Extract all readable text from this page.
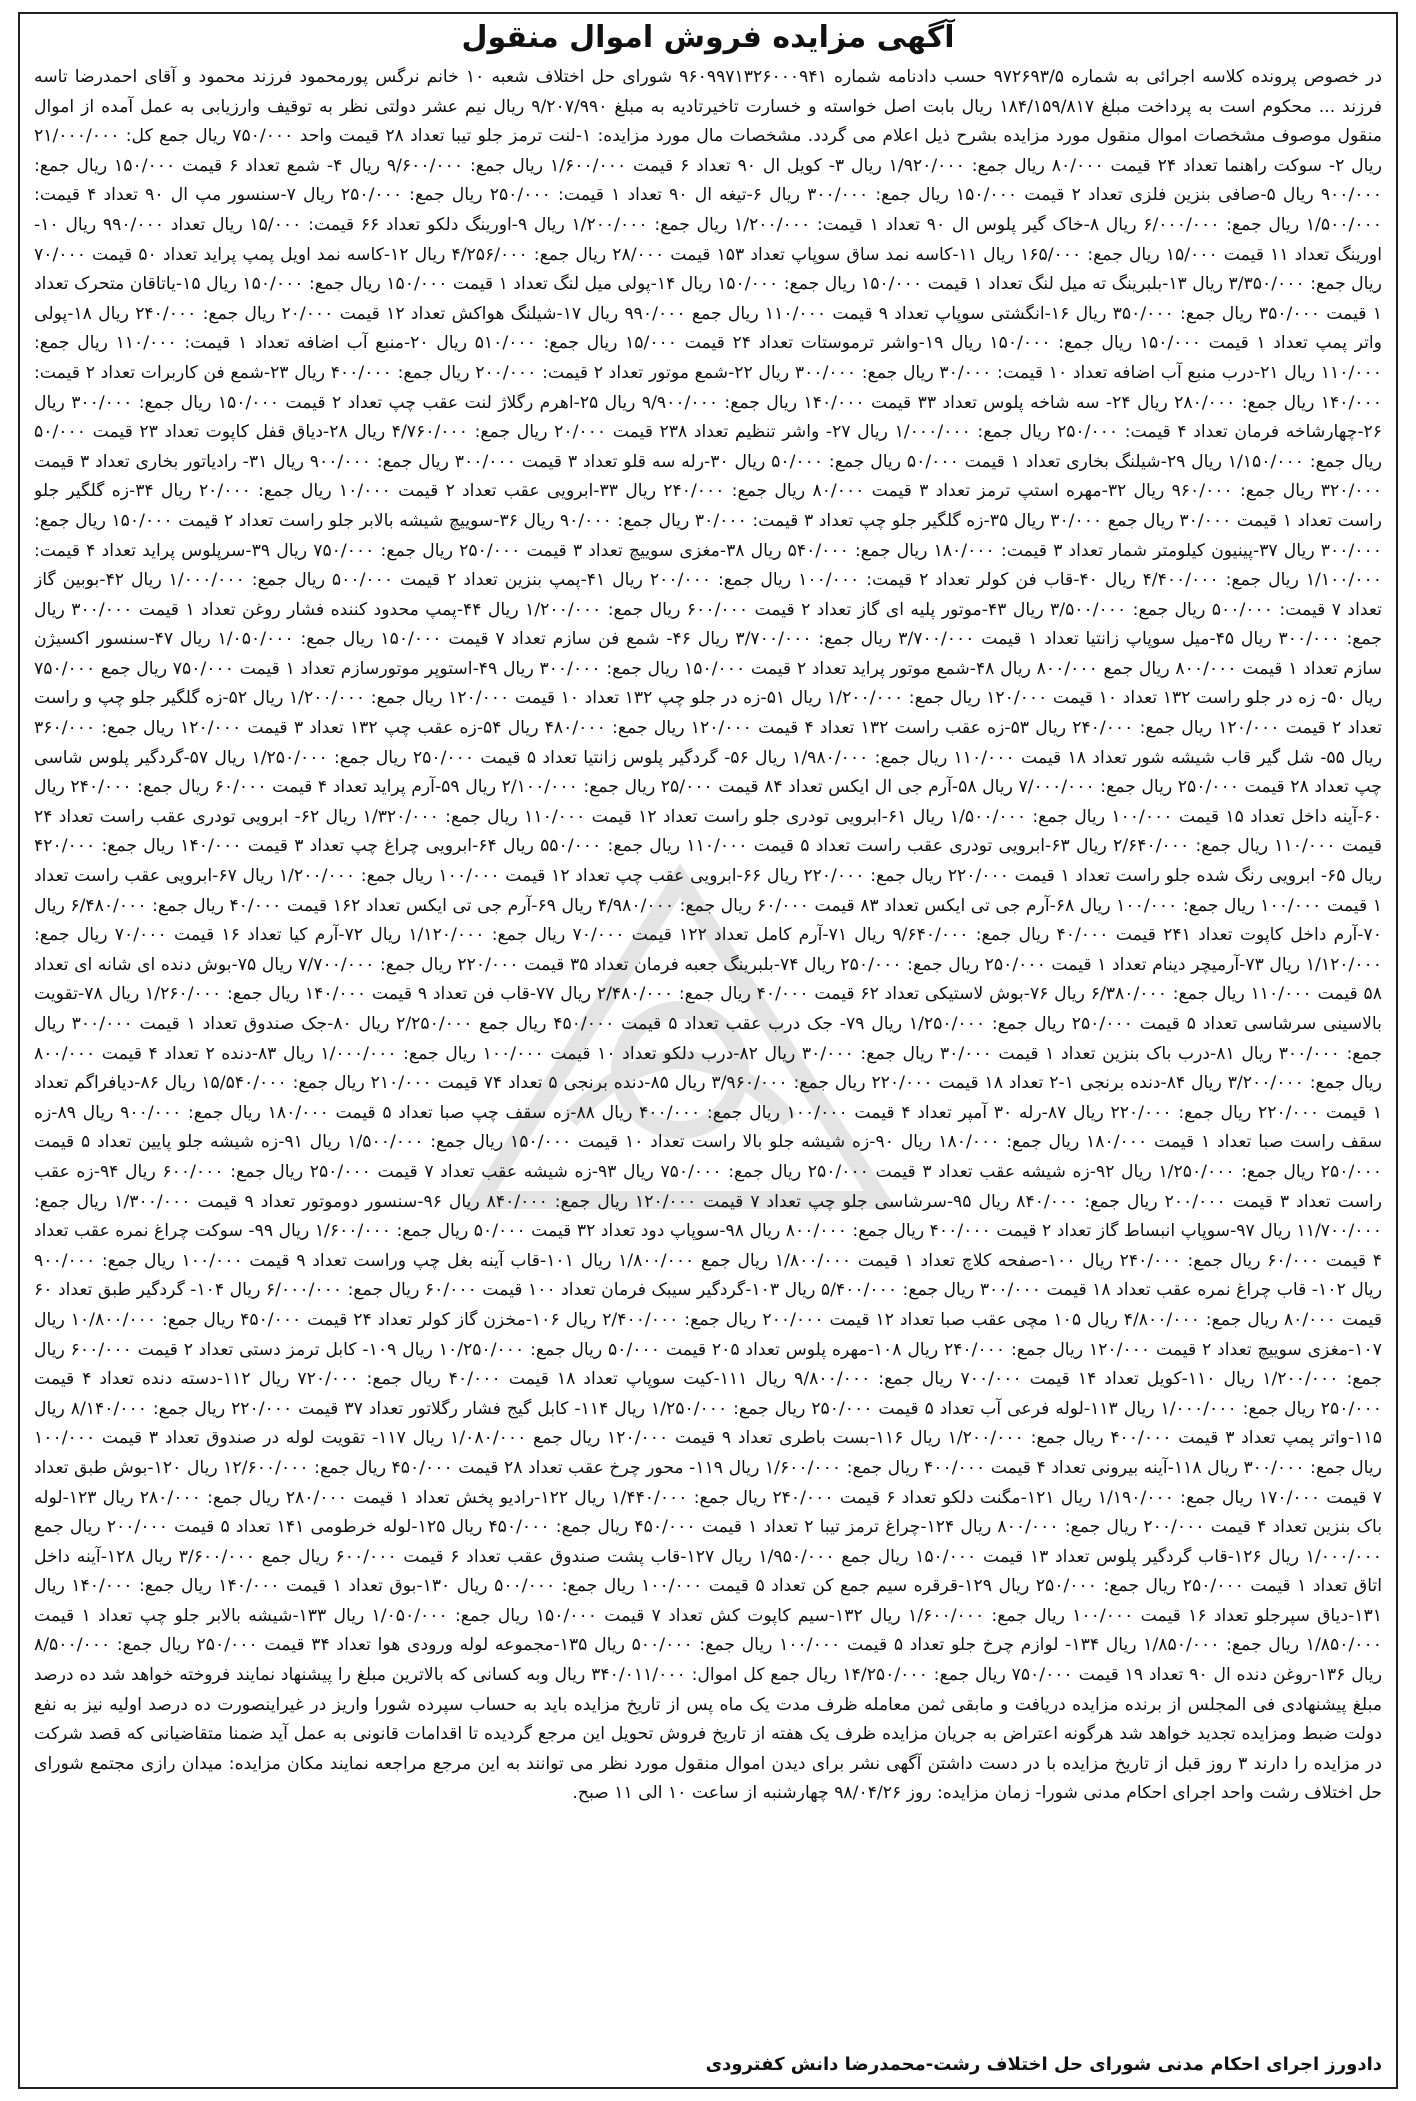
آگهی مزایده فروش اموال منقول

در خصوص پرونده کلاسه اجرائی به شماره ۹۷۲۶۹۳/۵ حسب دادنامه شماره ۹۶۰۹۹۷۱۳۲۶۰۰۰۹۴۱ شورای حل اختلاف شعبه ۱۰ خانم نرگس پورمحمود فرزند محمود و آقای احمدرضا تاسه فرزند ... محکوم است به پرداخت مبلغ ۱۸۴/۱۵۹/۸۱۷ ریال بابت اصل خواسته و خسارت تاخیرتادیه به مبلغ ۹/۲۰۷/۹۹۰ ریال نیم عشر دولتی نظر به توقیف وارزیابی به عمل آمده از اموال منقول موصوف مشخصات اموال منقول مورد مزایده بشرح ذیل اعلام می گردد. مشخصات مال مورد مزایده: ۱-لنت ترمز جلو تیبا تعداد ۲۸ قیمت واحد ۷۵۰/۰۰۰ ریال جمع کل: ۲۱/۰۰۰/۰۰۰ ریال ۲- سوکت راهنما تعداد ۲۴ قیمت ۸۰/۰۰۰ ریال جمع: ۱/۹۲۰/۰۰۰ ریال ۳- کویل ال ۹۰ تعداد ۶ قیمت ۱/۶۰۰/۰۰۰ ریال جمع: ۹/۶۰۰/۰۰۰ ریال ۴- شمع تعداد ۶ قیمت ۱۵۰/۰۰۰ ریال جمع: ۹۰۰/۰۰۰ ریال ۵-صافی بنزین فلزی تعداد ۲ قیمت ۱۵۰/۰۰۰ ریال جمع: ۳۰۰/۰۰۰ ریال ۶-تیغه ال ۹۰ تعداد ۱ قیمت: ۲۵۰/۰۰۰ ریال جمع: ۲۵۰/۰۰۰ ریال ۷-سنسور مپ ال ۹۰ تعداد ۴ قیمت: ۱/۵۰۰/۰۰۰ ریال جمع: ۶/۰۰۰/۰۰۰ ریال ۸-خاک گیر پلوس ال ۹۰ تعداد ۱ قیمت: ۱/۲۰۰/۰۰۰ ریال جمع: ۱/۲۰۰/۰۰۰ ریال ۹-اورینگ دلکو تعداد ۶۶ قیمت: ۱۵/۰۰۰ ریال تعداد ۹۹۰/۰۰۰ ریال ۱۰-اورینگ تعداد ۱۱ قیمت ۱۵/۰۰۰ ریال جمع: ۱۶۵/۰۰۰ ریال ۱۱-کاسه نمد ساق سوپاپ تعداد ۱۵۳ قیمت ۲۸/۰۰۰ ریال جمع: ۴/۲۵۶/۰۰۰ ریال ۱۲-کاسه نمد اویل پمپ پراید تعداد ۵۰ قیمت ۷۰/۰۰۰ ریال جمع: ۳/۳۵۰/۰۰۰ ریال ۱۳-بلبرینگ ته میل لنگ تعداد ۱ قیمت ۱۵۰/۰۰۰ ریال جمع: ۱۵۰/۰۰۰ ریال ۱۴-پولی میل لنگ تعداد ۱ قیمت ۱۵۰/۰۰۰ ریال جمع: ۱۵۰/۰۰۰ ریال ۱۵-یاتاقان متحرک تعداد ۱ قیمت ۳۵۰/۰۰۰ ریال جمع: ۳۵۰/۰۰۰ ریال ۱۶-انگشتی سوپاپ تعداد ۹ قیمت ۱۱۰/۰۰۰ ریال جمع ۹۹۰/۰۰۰ ریال ۱۷-شیلنگ هواکش تعداد ۱۲ قیمت ۲۰/۰۰۰ ریال جمع: ۲۴۰/۰۰۰ ریال ۱۸-پولی واتر پمپ تعداد ۱ قیمت ۱۵۰/۰۰۰ ریال جمع: ۱۵۰/۰۰۰ ریال ۱۹-واشر ترموستات تعداد ۲۴ قیمت ۱۵/۰۰۰ ریال جمع: ۵۱۰/۰۰۰ ریال ۲۰-منبع آب اضافه تعداد ۱ قیمت: ۱۱۰/۰۰۰ ریال جمع: ۱۱۰/۰۰۰ ریال ۲۱-درب منبع آب اضافه تعداد ۱۰ قیمت: ۳۰/۰۰۰ ریال جمع: ۳۰۰/۰۰۰ ریال ۲۲-شمع موتور تعداد ۲ قیمت: ۲۰۰/۰۰۰ ریال جمع: ۴۰۰/۰۰۰ ریال ۲۳-شمع فن کاربرات تعداد ۲ قیمت: ۱۴۰/۰۰۰ ریال جمع: ۲۸۰/۰۰۰ ریال ۲۴- سه شاخه پلوس تعداد ۳۳ قیمت ۱۴۰/۰۰۰ ریال جمع: ۹/۹۰۰/۰۰۰ ریال ۲۵-اهرم رگلاژ لنت عقب چپ تعداد ۲ قیمت ۱۵۰/۰۰۰ ریال جمع: ۳۰۰/۰۰۰ ریال ۲۶-چهارشاخه فرمان تعداد ۴ قیمت: ۲۵۰/۰۰۰ ریال جمع: ۱/۰۰۰/۰۰۰ ریال ۲۷- واشر تنظیم تعداد ۲۳۸ قیمت ۲۰/۰۰۰ ریال جمع: ۴/۷۶۰/۰۰۰ ریال ۲۸-دیاق قفل کاپوت تعداد ۲۳ قیمت ۵۰/۰۰۰ ریال جمع: ۱/۱۵۰/۰۰۰ ریال ۲۹-شیلنگ بخاری تعداد ۱ قیمت ۵۰/۰۰۰ ریال جمع: ۵۰/۰۰۰ ریال ۳۰-رله سه قلو تعداد ۳ قیمت ۳۰۰/۰۰۰ ریال جمع: ۹۰۰/۰۰۰ ریال ۳۱- رادیاتور بخاری تعداد ۳ قیمت ۳۲۰/۰۰۰ ریال جمع: ۹۶۰/۰۰۰ ریال ۳۲-مهره استپ ترمز تعداد ۳ قیمت ۸۰/۰۰۰ ریال جمع: ۲۴۰/۰۰۰ ریال ۳۳-ابرویی عقب تعداد ۲ قیمت ۱۰/۰۰۰ ریال جمع: ۲۰/۰۰۰ ریال ۳۴-زه گلگیر جلو راست تعداد ۱ قیمت ۳۰/۰۰۰ ریال جمع ۳۰/۰۰۰ ریال ۳۵-زه گلگیر جلو چپ تعداد ۳ قیمت: ۳۰/۰۰۰ ریال جمع: ۹۰/۰۰۰ ریال ۳۶-سوییچ شیشه بالابر جلو راست تعداد ۲ قیمت ۱۵۰/۰۰۰ ریال جمع: ۳۰۰/۰۰۰ ریال ۳۷-پینیون کیلومتر شمار تعداد ۳ قیمت: ۱۸۰/۰۰۰ ریال جمع: ۵۴۰/۰۰۰ ریال ۳۸-مغزی سوییچ تعداد ۳ قیمت ۲۵۰/۰۰۰ ریال جمع: ۷۵۰/۰۰۰ ریال ۳۹-سرپلوس پراید تعداد ۴ قیمت: ۱/۱۰۰/۰۰۰ ریال جمع: ۴/۴۰۰/۰۰۰ ریال ۴۰-قاب فن کولر تعداد ۲ قیمت: ۱۰۰/۰۰۰ ریال جمع: ۲۰۰/۰۰۰ ریال ۴۱-پمپ بنزین تعداد ۲ قیمت ۵۰۰/۰۰۰ ریال جمع: ۱/۰۰۰/۰۰۰ ریال ۴۲-بوبین گاز تعداد ۷ قیمت: ۵۰۰/۰۰۰ ریال جمع: ۳/۵۰۰/۰۰۰ ریال ۴۳-موتور پلیه ای گاز تعداد ۲ قیمت ۶۰۰/۰۰۰ ریال جمع: ۱/۲۰۰/۰۰۰ ریال ۴۴-پمپ محدود کننده فشار روغن تعداد ۱ قیمت ۳۰۰/۰۰۰ ریال جمع: ۳۰۰/۰۰۰ ریال ۴۵-میل سوپاپ زانتیا تعداد ۱ قیمت ۳/۷۰۰/۰۰۰ ریال جمع: ۳/۷۰۰/۰۰۰ ریال ۴۶- شمع فن سازم تعداد ۷ قیمت ۱۵۰/۰۰۰ ریال جمع: ۱/۰۵۰/۰۰۰ ریال ۴۷-سنسور اکسیژن سازم تعداد ۱ قیمت ۸۰۰/۰۰۰ ریال جمع ۸۰۰/۰۰۰ ریال ۴۸-شمع موتور پراید تعداد ۲ قیمت ۱۵۰/۰۰۰ ریال جمع: ۳۰۰/۰۰۰ ریال ۴۹-استوپر موتورسازم تعداد ۱ قیمت ۷۵۰/۰۰۰ ریال جمع ۷۵۰/۰۰۰ ریال ۵۰- زه در جلو راست ۱۳۲ تعداد ۱۰ قیمت ۱۲۰/۰۰۰ ریال جمع: ۱/۲۰۰/۰۰۰ ریال ۵۱-زه در جلو چپ ۱۳۲ تعداد ۱۰ قیمت ۱۲۰/۰۰۰ ریال جمع: ۱/۲۰۰/۰۰۰ ریال ۵۲-زه گلگیر جلو چپ و راست تعداد ۲ قیمت ۱۲۰/۰۰۰ ریال جمع: ۲۴۰/۰۰۰ ریال ۵۳-زه عقب راست ۱۳۲ تعداد ۴ قیمت ۱۲۰/۰۰۰ ریال جمع: ۴۸۰/۰۰۰ ریال ۵۴-زه عقب چپ ۱۳۲ تعداد ۳ قیمت ۱۲۰/۰۰۰ ریال جمع: ۳۶۰/۰۰۰ ریال ۵۵- شل گیر قاب شیشه شور تعداد ۱۸ قیمت ۱۱۰/۰۰۰ ریال جمع: ۱/۹۸۰/۰۰۰ ریال ۵۶- گردگیر پلوس زانتیا تعداد ۵ قیمت ۲۵۰/۰۰۰ ریال جمع: ۱/۲۵۰/۰۰۰ ریال ۵۷-گردگیر پلوس شاسی چپ تعداد ۲۸ قیمت ۲۵۰/۰۰۰ ریال جمع: ۷/۰۰۰/۰۰۰ ریال ۵۸-آرم جی ال ایکس تعداد ۸۴ قیمت ۲۵/۰۰۰ ریال جمع: ۲/۱۰۰/۰۰۰ ریال ۵۹-آرم پراید تعداد ۴ قیمت ۶۰/۰۰۰ ریال جمع: ۲۴۰/۰۰۰ ریال ۶۰-آینه داخل تعداد ۱۵ قیمت ۱۰۰/۰۰۰ ریال جمع: ۱/۵۰۰/۰۰۰ ریال ۶۱-ابرویی تودری جلو راست تعداد ۱۲ قیمت ۱۱۰/۰۰۰ ریال جمع: ۱/۳۲۰/۰۰۰ ریال ۶۲- ابرویی تودری عقب راست تعداد ۲۴ قیمت ۱۱۰/۰۰۰ ریال جمع: ۲/۶۴۰/۰۰۰ ریال ۶۳-ابرویی تودری عقب راست تعداد ۵ قیمت ۱۱۰/۰۰۰ ریال جمع: ۵۵۰/۰۰۰ ریال ۶۴-ابرویی چراغ چپ تعداد ۳ قیمت ۱۴۰/۰۰۰ ریال جمع: ۴۲۰/۰۰۰ ریال ۶۵- ابرویی رنگ شده جلو راست تعداد ۱ قیمت ۲۲۰/۰۰۰ ریال جمع: ۲۲۰/۰۰۰ ریال ۶۶-ابرویی عقب چپ تعداد ۱۲ قیمت ۱۰۰/۰۰۰ ریال جمع: ۱/۲۰۰/۰۰۰ ریال ۶۷-ابرویی عقب راست تعداد ۱ قیمت ۱۰۰/۰۰۰ ریال جمع: ۱۰۰/۰۰۰ ریال ۶۸-آرم جی تی ایکس تعداد ۸۳ قیمت ۶۰/۰۰۰ ریال جمع: ۴/۹۸۰/۰۰۰ ریال ۶۹-آرم جی تی ایکس تعداد ۱۶۲ قیمت ۴۰/۰۰۰ ریال جمع: ۶/۴۸۰/۰۰۰ ریال ۷۰-آرم داخل کاپوت تعداد ۲۴۱ قیمت ۴۰/۰۰۰ ریال جمع: ۹/۶۴۰/۰۰۰ ریال ۷۱-آرم کامل تعداد ۱۲۲ قیمت ۷۰/۰۰۰ ریال جمع: ۱/۱۲۰/۰۰۰ ریال ۷۲-آرم کیا تعداد ۱۶ قیمت ۷۰/۰۰۰ ریال جمع: ۱/۱۲۰/۰۰۰ ریال ۷۳-آرمیچر دینام تعداد ۱ قیمت ۲۵۰/۰۰۰ ریال جمع: ۲۵۰/۰۰۰ ریال ۷۴-بلبرینگ جعبه فرمان تعداد ۳۵ قیمت ۲۲۰/۰۰۰ ریال جمع: ۷/۷۰۰/۰۰۰ ریال ۷۵-بوش دنده ای شانه ای تعداد ۵۸ قیمت ۱۱۰/۰۰۰ ریال جمع: ۶/۳۸۰/۰۰۰ ریال ۷۶-بوش لاستیکی تعداد ۶۲ قیمت ۴۰/۰۰۰ ریال جمع: ۲/۴۸۰/۰۰۰ ریال ۷۷-قاب فن تعداد ۹ قیمت ۱۴۰/۰۰۰ ریال جمع: ۱/۲۶۰/۰۰۰ ریال ۷۸-تقویت بالاسینی سرشاسی تعداد ۵ قیمت ۲۵۰/۰۰۰ ریال جمع: ۱/۲۵۰/۰۰۰ ریال ۷۹- جک درب عقب تعداد ۵ قیمت ۴۵۰/۰۰۰ ریال جمع ۲/۲۵۰/۰۰۰ ریال ۸۰-جک صندوق تعداد ۱ قیمت ۳۰۰/۰۰۰ ریال جمع: ۳۰۰/۰۰۰ ریال ۸۱-درب باک بنزین تعداد ۱ قیمت ۳۰/۰۰۰ ریال جمع: ۳۰/۰۰۰ ریال ۸۲-درب دلکو تعداد ۱۰ قیمت ۱۰۰/۰۰۰ ریال جمع: ۱/۰۰۰/۰۰۰ ریال ۸۳-دنده ۲ تعداد ۴ قیمت ۸۰۰/۰۰۰ ریال جمع: ۳/۲۰۰/۰۰۰ ریال ۸۴-دنده برنجی ۱-۲ تعداد ۱۸ قیمت ۲۲۰/۰۰۰ ریال جمع: ۳/۹۶۰/۰۰۰ ریال ۸۵-دنده برنجی ۵ تعداد ۷۴ قیمت ۲۱۰/۰۰۰ ریال جمع: ۱۵/۵۴۰/۰۰۰ ریال ۸۶-دیافراگم تعداد ۱ قیمت ۲۲۰/۰۰۰ ریال جمع: ۲۲۰/۰۰۰ ریال ۸۷-رله ۳۰ آمپر تعداد ۴ قیمت ۱۰۰/۰۰۰ ریال جمع: ۴۰۰/۰۰۰ ریال ۸۸-زه سقف چپ صبا تعداد ۵ قیمت ۱۸۰/۰۰۰ ریال جمع: ۹۰۰/۰۰۰ ریال ۸۹-زه سقف راست صبا تعداد ۱ قیمت ۱۸۰/۰۰۰ ریال جمع: ۱۸۰/۰۰۰ ریال ۹۰-زه شیشه جلو بالا راست تعداد ۱۰ قیمت ۱۵۰/۰۰۰ ریال جمع: ۱/۵۰۰/۰۰۰ ریال ۹۱-زه شیشه جلو پایین تعداد ۵ قیمت ۲۵۰/۰۰۰ ریال جمع: ۱/۲۵۰/۰۰۰ ریال ۹۲-زه شیشه عقب تعداد ۳ قیمت ۲۵۰/۰۰۰ ریال جمع: ۷۵۰/۰۰۰ ریال ۹۳-زه شیشه عقب تعداد ۷ قیمت ۲۵۰/۰۰۰ ریال جمع: ۶۰۰/۰۰۰ ریال ۹۴-زه عقب راست تعداد ۳ قیمت ۲۰۰/۰۰۰ ریال جمع: ۸۴۰/۰۰۰ ریال ۹۵-سرشاسی جلو چپ تعداد ۷ قیمت ۱۲۰/۰۰۰ ریال جمع: ۸۴۰/۰۰۰ ریال ۹۶-سنسور دوموتور تعداد ۹ قیمت ۱/۳۰۰/۰۰۰ ریال جمع: ۱۱/۷۰۰/۰۰۰ ریال ۹۷-سوپاپ انبساط گاز تعداد ۲ قیمت ۴۰۰/۰۰۰ ریال جمع: ۸۰۰/۰۰۰ ریال ۹۸-سوپاپ دود تعداد ۳۲ قیمت ۵۰/۰۰۰ ریال جمع: ۱/۶۰۰/۰۰۰ ریال ۹۹- سوکت چراغ نمره عقب تعداد ۴ قیمت ۶۰/۰۰۰ ریال جمع: ۲۴۰/۰۰۰ ریال ۱۰۰-صفحه کلاچ تعداد ۱ قیمت ۱/۸۰۰/۰۰۰ ریال جمع ۱/۸۰۰/۰۰۰ ریال ۱۰۱-قاب آینه بغل چپ وراست تعداد ۹ قیمت ۱۰۰/۰۰۰ ریال جمع: ۹۰۰/۰۰۰ ریال ۱۰۲- قاب چراغ نمره عقب تعداد ۱۸ قیمت ۳۰۰/۰۰۰ ریال جمع: ۵/۴۰۰/۰۰۰ ریال ۱۰۳-گردگیر سیبک فرمان تعداد ۱۰۰ قیمت ۶۰/۰۰۰ ریال جمع: ۶/۰۰۰/۰۰۰ ریال ۱۰۴- گردگیر طبق تعداد ۶۰ قیمت ۸۰/۰۰۰ ریال جمع: ۴/۸۰۰/۰۰۰ ریال ۱۰۵ مچی عقب صبا تعداد ۱۲ قیمت ۲۰۰/۰۰۰ ریال جمع: ۲/۴۰۰/۰۰۰ ریال ۱۰۶-مخزن گاز کولر تعداد ۲۴ قیمت ۴۵۰/۰۰۰ ریال جمع: ۱۰/۸۰۰/۰۰۰ ریال ۱۰۷-مغزی سوییچ تعداد ۲ قیمت ۱۲۰/۰۰۰ ریال جمع: ۲۴۰/۰۰۰ ریال ۱۰۸-مهره پلوس تعداد ۲۰۵ قیمت ۵۰/۰۰۰ ریال جمع: ۱۰/۲۵۰/۰۰۰ ریال ۱۰۹- کابل ترمز دستی تعداد ۲ قیمت ۶۰۰/۰۰۰ ریال جمع: ۱/۲۰۰/۰۰۰ ریال ۱۱۰-کویل تعداد ۱۴ قیمت ۷۰۰/۰۰۰ ریال جمع: ۹/۸۰۰/۰۰۰ ریال ۱۱۱-کیت سوپاپ تعداد ۱۸ قیمت ۴۰/۰۰۰ ریال جمع: ۷۲۰/۰۰۰ ریال ۱۱۲-دسته دنده تعداد ۴ قیمت ۲۵۰/۰۰۰ ریال جمع: ۱/۰۰۰/۰۰۰ ریال ۱۱۳-لوله فرعی آب تعداد ۵ قیمت ۲۵۰/۰۰۰ ریال جمع: ۱/۲۵۰/۰۰۰ ریال ۱۱۴- کابل گیج فشار رگلاتور تعداد ۳۷ قیمت ۲۲۰/۰۰۰ ریال جمع: ۸/۱۴۰/۰۰۰ ریال ۱۱۵-واتر پمپ تعداد ۳ قیمت ۴۰۰/۰۰۰ ریال جمع: ۱/۲۰۰/۰۰۰ ریال ۱۱۶-بست باطری تعداد ۹ قیمت ۱۲۰/۰۰۰ ریال جمع ۱/۰۸۰/۰۰۰ ریال ۱۱۷- تقویت لوله در صندوق تعداد ۳ قیمت ۱۰۰/۰۰۰ ریال جمع: ۳۰۰/۰۰۰ ریال ۱۱۸-آینه بیرونی تعداد ۴ قیمت ۴۰۰/۰۰۰ ریال جمع: ۱/۶۰۰/۰۰۰ ریال ۱۱۹- محور چرخ عقب تعداد ۲۸ قیمت ۴۵۰/۰۰۰ ریال جمع: ۱۲/۶۰۰/۰۰۰ ریال ۱۲۰-بوش طبق تعداد ۷ قیمت ۱۷۰/۰۰۰ ریال جمع: ۱/۱۹۰/۰۰۰ ریال ۱۲۱-مگنت دلکو تعداد ۶ قیمت ۲۴۰/۰۰۰ ریال جمع: ۱/۴۴۰/۰۰۰ ریال ۱۲۲-رادیو پخش تعداد ۱ قیمت ۲۸۰/۰۰۰ ریال جمع: ۲۸۰/۰۰۰ ریال ۱۲۳-لوله باک بنزین تعداد ۴ قیمت ۲۰۰/۰۰۰ ریال جمع: ۸۰۰/۰۰۰ ریال ۱۲۴-چراغ ترمز تیبا ۲ تعداد ۱ قیمت ۴۵۰/۰۰۰ ریال جمع: ۴۵۰/۰۰۰ ریال ۱۲۵-لوله خرطومی ۱۴۱ تعداد ۵ قیمت ۲۰۰/۰۰۰ ریال جمع ۱/۰۰۰/۰۰۰ ریال ۱۲۶-قاب گردگیر پلوس تعداد ۱۳ قیمت ۱۵۰/۰۰۰ ریال جمع ۱/۹۵۰/۰۰۰ ریال ۱۲۷-قاب پشت صندوق عقب تعداد ۶ قیمت ۶۰۰/۰۰۰ ریال جمع ۳/۶۰۰/۰۰۰ ریال ۱۲۸-آینه داخل اتاق تعداد ۱ قیمت ۲۵۰/۰۰۰ ریال جمع: ۲۵۰/۰۰۰ ریال ۱۲۹-قرقره سیم جمع کن تعداد ۵ قیمت ۱۰۰/۰۰۰ ریال جمع: ۵۰۰/۰۰۰ ریال ۱۳۰-بوق تعداد ۱ قیمت ۱۴۰/۰۰۰ ریال جمع: ۱۴۰/۰۰۰ ریال ۱۳۱-دیاق سپرجلو تعداد ۱۶ قیمت ۱۰۰/۰۰۰ ریال جمع: ۱/۶۰۰/۰۰۰ ریال ۱۳۲-سیم کاپوت کش تعداد ۷ قیمت ۱۵۰/۰۰۰ ریال جمع: ۱/۰۵۰/۰۰۰ ریال ۱۳۳-شیشه بالابر جلو چپ تعداد ۱ قیمت ۱/۸۵۰/۰۰۰ ریال جمع: ۱/۸۵۰/۰۰۰ ریال ۱۳۴- لوازم چرخ جلو تعداد ۵ قیمت ۱۰۰/۰۰۰ ریال جمع: ۵۰۰/۰۰۰ ریال ۱۳۵-مجموعه لوله ورودی هوا تعداد ۳۴ قیمت ۲۵۰/۰۰۰ ریال جمع: ۸/۵۰۰/۰۰۰ ریال ۱۳۶-روغن دنده ال ۹۰ تعداد ۱۹ قیمت ۷۵۰/۰۰۰ ریال جمع: ۱۴/۲۵۰/۰۰۰ ریال جمع کل اموال: ۳۴۰/۰۱۱/۰۰۰ ریال وبه کسانی که بالاترین مبلغ را پیشنهاد نمایند فروخته خواهد شد ده درصد مبلغ پیشنهادی فی المجلس از برنده مزایده دریافت و مابقی ثمن معامله ظرف مدت یک ماه پس از تاریخ مزایده باید به حساب سپرده شورا واریز در غیراینصورت ده درصد اولیه نیز به نفع دولت ضبط ومزایده تجدید خواهد شد هرگونه اعتراض به جریان مزایده ظرف یک هفته از تاریخ فروش تحویل این مرجع گردیده تا اقدامات قانونی به عمل آید ضمنا متقاضیانی که قصد شرکت در مزایده را دارند ۳ روز قبل از تاریخ مزایده با در دست داشتن آگهی نشر برای دیدن اموال منقول مورد نظر می توانند به این مرجع مراجعه نمایند مکان مزایده: میدان رازی مجتمع شورای حل اختلاف رشت واحد اجرای احکام مدنی شورا- زمان مزایده: روز ۹۸/۰۴/۲۶ چهارشنبه از ساعت ۱۰ الی ۱۱ صبح.

دادورز اجرای احکام مدنی شورای حل اختلاف رشت-محمدرضا دانش کفترودی
